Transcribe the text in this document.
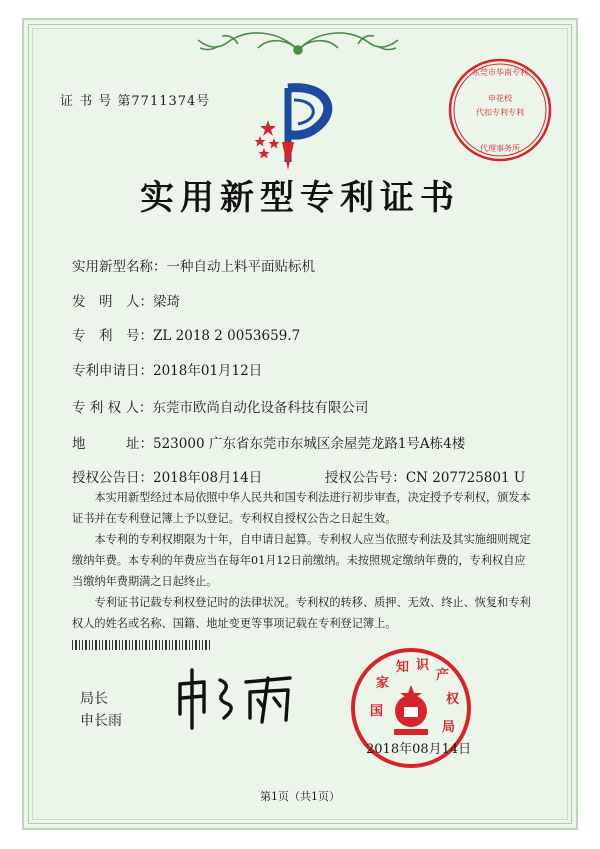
证 书 号 第7711374号
东莞市华南专利
申花校
代扣专利专利
代理事务所
实用新型专利证书
实用新型名称：一种自动上料平面贴标机
发　明　人：梁琦
专　利　号：ZL 2018 2 0053659.7
专利申请日：2018年01月12日
专 利 权 人：东莞市欧尚自动化设备科技有限公司
地　　　址：523000 广东省东莞市东城区余屋莞龙路1号A栋4楼
授权公告日：2018年08月14日	授权公告号：CN 207725801 U

　　本实用新型经过本局依照中华人民共和国专利法进行初步审查，决定授予专利权，颁发本证书并在专利登记簿上予以登记。专利权自授权公告之日起生效。

　　本专利的专利权期限为十年，自申请日起算。专利权人应当依照专利法及其实施细则规定缴纳年费。本专利的年费应当在每年01月12日前缴纳。未按照规定缴纳年费的，专利权自应当缴纳年费期满之日起终止。

　　专利证书记载专利权登记时的法律状况。专利权的转移、质押、无效、终止、恢复和专利权人的姓名或名称、国籍、地址变更等事项记载在专利登记簿上。

局长
申长雨
国
家
知 识
产
权
局
2018年08月14日
第1页（共1页）
